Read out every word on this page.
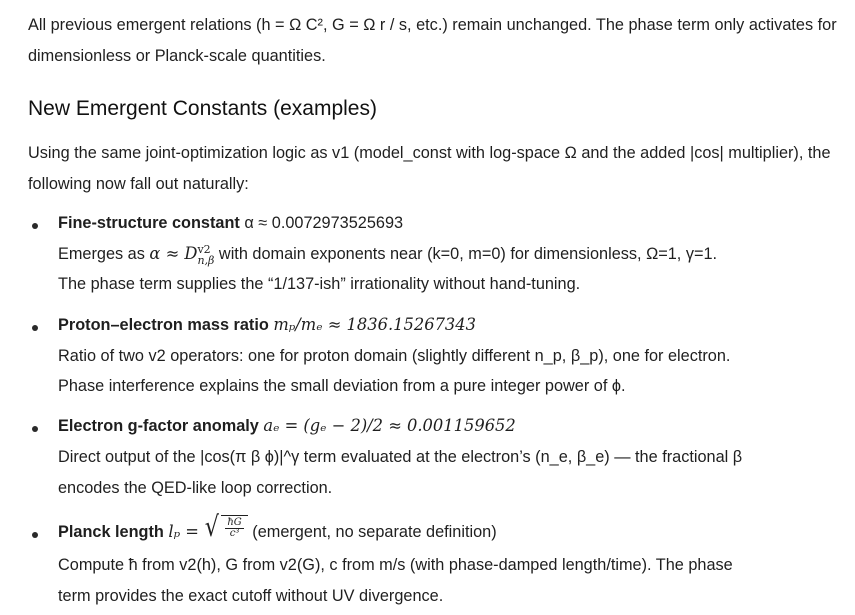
All previous emergent relations (h = Ω C², G = Ω r / s, etc.) remain unchanged. The phase term only activates for dimensionless or Planck-scale quantities.

New Emergent Constants (examples)

Using the same joint-optimization logic as v1 (model_const with log-space Ω and the added |cos| multiplier), the following now fall out naturally:

Fine-structure constant α ≈ 0.0072973525693
Emerges as α ≈ D v2
n,β with domain exponents near (k=0, m=0) for dimensionless, Ω=1, γ=1.
The phase term supplies the “1/137-ish” irrationality without hand-tuning.
Proton–electron mass ratio mₚ/mₑ ≈ 1836.15267343
Ratio of two v2 operators: one for proton domain (slightly different n_p, β_p), one for electron.
Phase interference explains the small deviation from a pure integer power of ϕ.
Electron g-factor anomaly aₑ = (gₑ − 2)/2 ≈ 0.001159652
Direct output of the |cos(π β ϕ)|^γ term evaluated at the electron’s (n_e, β_e) — the fractional β
encodes the QED-like loop correction.
Planck length lₚ = √ $\frac{ħG}{\text{c³}}$ (emergent, no separate definition)
Compute ħ from v2(h), G from v2(G), c from m/s (with phase-damped length/time). The phase
term provides the exact cutoff without UV divergence.
